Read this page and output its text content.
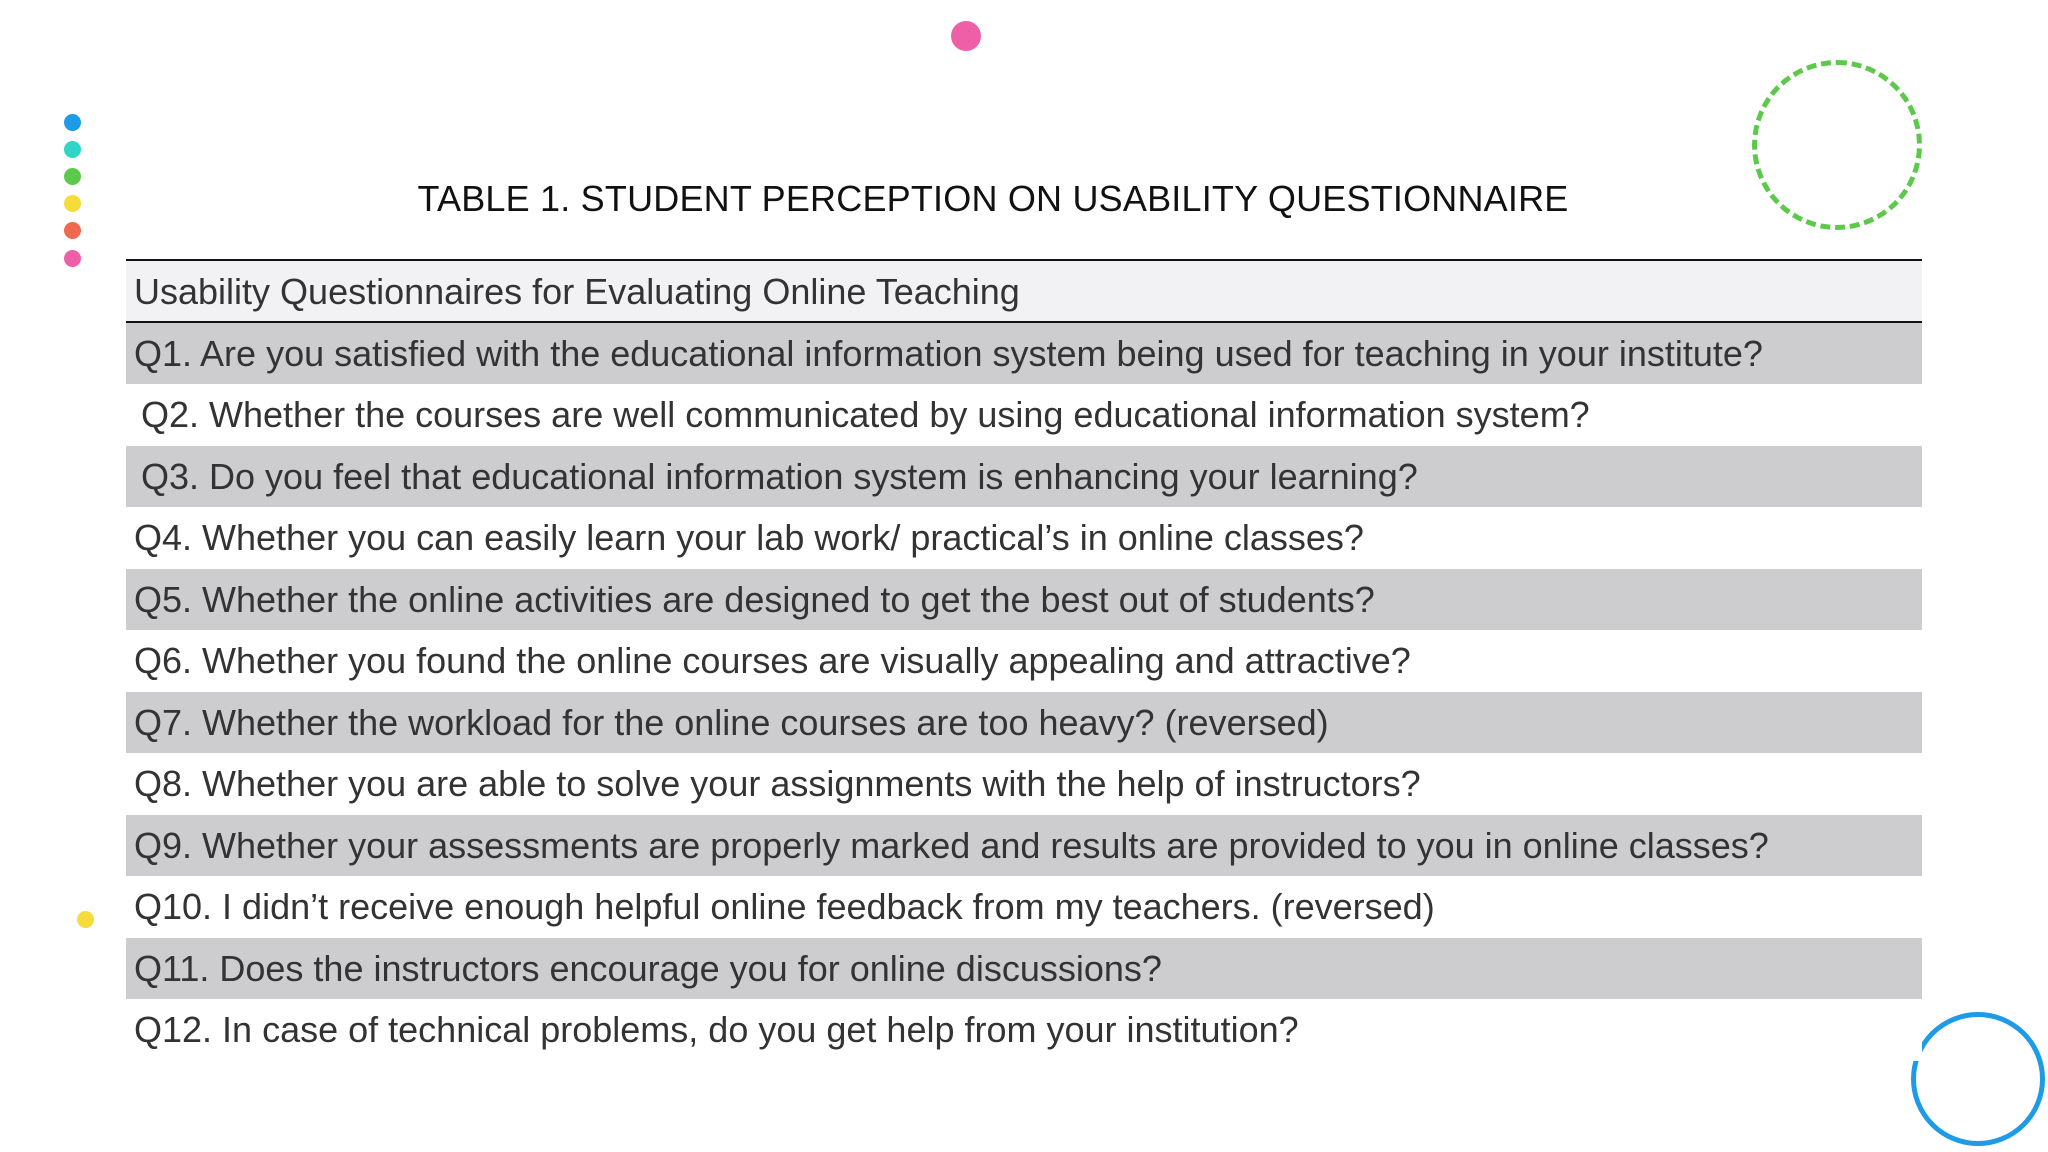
TABLE 1. STUDENT PERCEPTION ON USABILITY QUESTIONNAIRE
Usability Questionnaires for Evaluating Online Teaching
Q1. Are you satisfied with the educational information system being used for teaching in your institute?
Q2. Whether the courses are well communicated by using educational information system?
Q3. Do you feel that educational information system is enhancing your learning?
Q4. Whether you can easily learn your lab work/ practical’s in online classes?
Q5. Whether the online activities are designed to get the best out of students?
Q6. Whether you found the online courses are visually appealing and attractive?
Q7. Whether the workload for the online courses are too heavy? (reversed)
Q8. Whether you are able to solve your assignments with the help of instructors?
Q9. Whether your assessments are properly marked and results are provided to you in online classes?
Q10. I didn’t receive enough helpful online feedback from my teachers. (reversed)
Q11. Does the instructors encourage you for online discussions?
Q12. In case of technical problems, do you get help from your institution?
